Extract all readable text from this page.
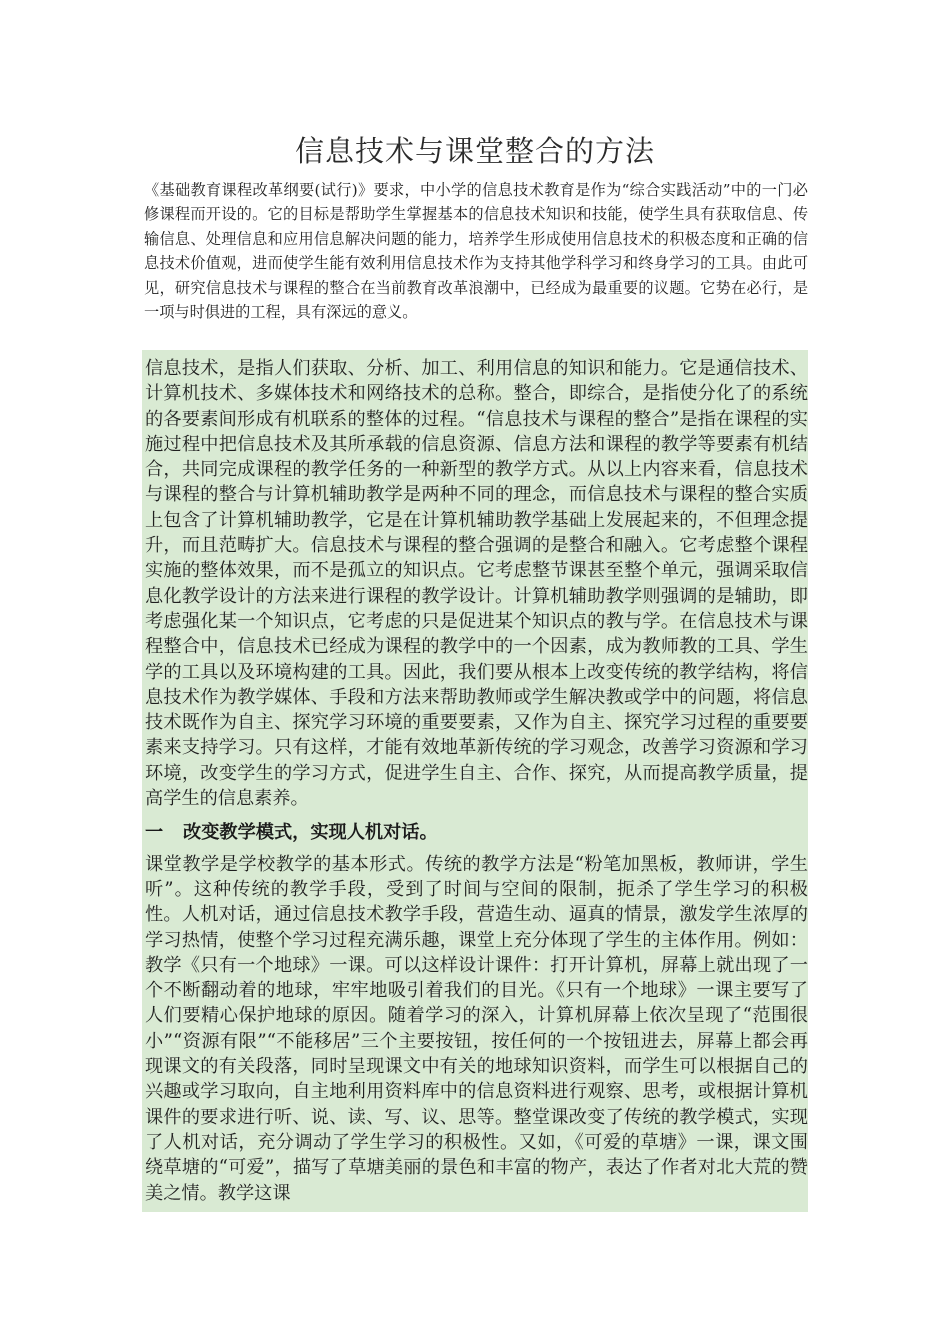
信息技术与课堂整合的方法

《基础教育课程改革纲要(试行)》要求，中小学的信息技术教育是作为“综合实践活动”中的一门必修课程而开设的。它的目标是帮助学生掌握基本的信息技术知识和技能，使学生具有获取信息、传输信息、处理信息和应用信息解决问题的能力，培养学生形成使用信息技术的积极态度和正确的信息技术价值观，进而使学生能有效利用信息技术作为支持其他学科学习和终身学习的工具。由此可见，研究信息技术与课程的整合在当前教育改革浪潮中，已经成为最重要的议题。它势在必行，是一项与时俱进的工程，具有深远的意义。

信息技术，是指人们获取、分析、加工、利用信息的知识和能力。它是通信技术、计算机技术、多媒体技术和网络技术的总称。整合，即综合，是指使分化了的系统的各要素间形成有机联系的整体的过程。“信息技术与课程的整合”是指在课程的实施过程中把信息技术及其所承载的信息资源、信息方法和课程的教学等要素有机结合，共同完成课程的教学任务的一种新型的教学方式。从以上内容来看，信息技术与课程的整合与计算机辅助教学是两种不同的理念，而信息技术与课程的整合实质上包含了计算机辅助教学，它是在计算机辅助教学基础上发展起来的，不但理念提升，而且范畴扩大。信息技术与课程的整合强调的是整合和融入。它考虑整个课程实施的整体效果，而不是孤立的知识点。它考虑整节课甚至整个单元，强调采取信息化教学设计的方法来进行课程的教学设计。计算机辅助教学则强调的是辅助，即考虑强化某一个知识点，它考虑的只是促进某个知识点的教与学。在信息技术与课程整合中，信息技术已经成为课程的教学中的一个因素，成为教师教的工具、学生学的工具以及环境构建的工具。因此，我们要从根本上改变传统的教学结构，将信息技术作为教学媒体、手段和方法来帮助教师或学生解决教或学中的问题，将信息技术既作为自主、探究学习环境的重要要素，又作为自主、探究学习过程的重要要素来支持学习。只有这样，才能有效地革新传统的学习观念，改善学习资源和学习环境，改变学生的学习方式，促进学生自主、合作、探究，从而提高教学质量，提高学生的信息素养。

一 改变教学模式，实现人机对话。

课堂教学是学校教学的基本形式。传统的教学方法是“粉笔加黑板，教师讲，学生听”。这种传统的教学手段，受到了时间与空间的限制，扼杀了学生学习的积极性。人机对话，通过信息技术教学手段，营造生动、逼真的情景，激发学生浓厚的学习热情，使整个学习过程充满乐趣，课堂上充分体现了学生的主体作用。例如：教学《只有一个地球》一课。可以这样设计课件：打开计算机，屏幕上就出现了一个不断翻动着的地球，牢牢地吸引着我们的目光。《只有一个地球》一课主要写了人们要精心保护地球的原因。随着学习的深入，计算机屏幕上依次呈现了“范围很小”“资源有限”“不能移居”三个主要按钮，按任何的一个按钮进去，屏幕上都会再现课文的有关段落，同时呈现课文中有关的地球知识资料，而学生可以根据自己的兴趣或学习取向，自主地利用资料库中的信息资料进行观察、思考，或根据计算机课件的要求进行听、说、读、写、议、思等。整堂课改变了传统的教学模式，实现了人机对话，充分调动了学生学习的积极性。又如，《可爱的草塘》一课，课文围绕草塘的“可爱”，描写了草塘美丽的景色和丰富的物产，表达了作者对北大荒的赞美之情。教学这课
